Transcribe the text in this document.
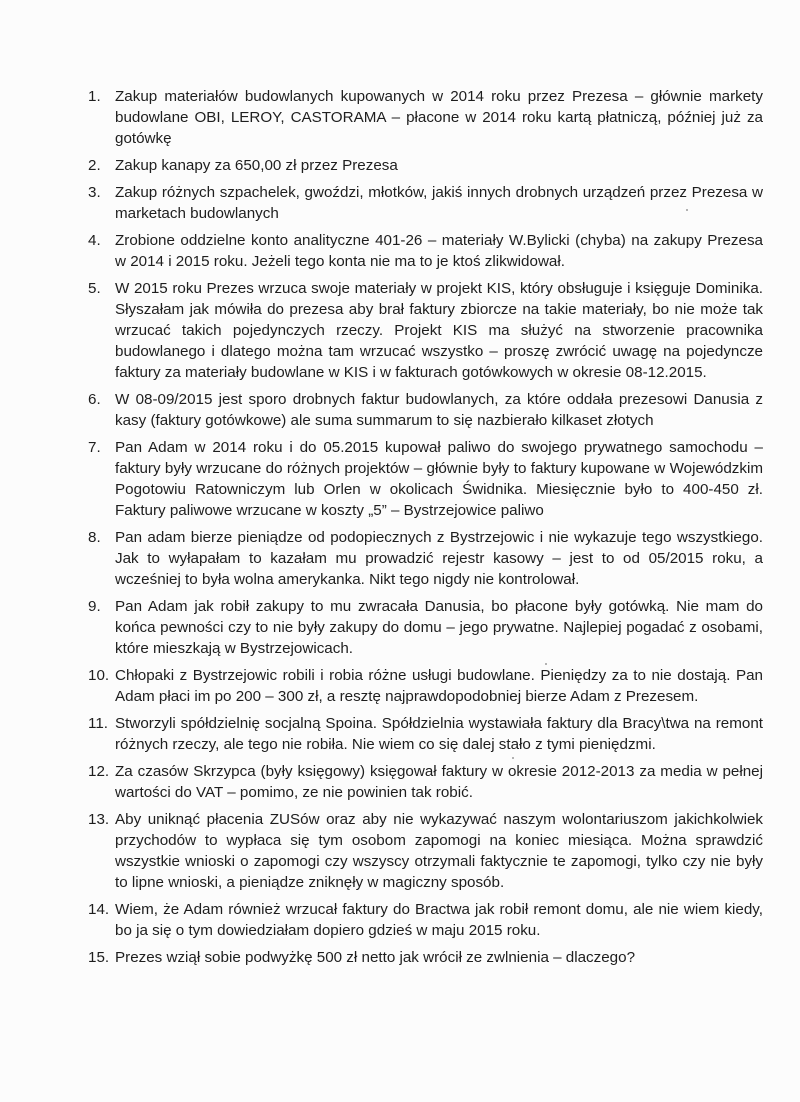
1. Zakup materiałów budowlanych kupowanych w 2014 roku przez Prezesa – głównie markety budowlane OBI, LEROY, CASTORAMA – płacone w 2014 roku kartą płatniczą, później już za gotówkę
2. Zakup kanapy za 650,00 zł przez Prezesa
3. Zakup różnych szpachelek, gwoździ, młotków, jakiś innych drobnych urządzeń przez Prezesa w marketach budowlanych
4. Zrobione oddzielne konto analityczne 401-26 – materiały W.Bylicki (chyba) na zakupy Prezesa w 2014 i 2015 roku. Jeżeli tego konta nie ma to je ktoś zlikwidował.
5. W 2015 roku Prezes wrzuca swoje materiały w projekt KIS, który obsługuje i księguje Dominika. Słyszałam jak mówiła do prezesa aby brał faktury zbiorcze na takie materiały, bo nie może tak wrzucać takich pojedynczych rzeczy. Projekt KIS ma służyć na stworzenie pracownika budowlanego i dlatego można tam wrzucać wszystko – proszę zwrócić uwagę na pojedyncze faktury za materiały budowlane w KIS i w fakturach gotówkowych w okresie 08-12.2015.
6. W 08-09/2015 jest sporo drobnych faktur budowlanych, za które oddała prezesowi Danusia z kasy (faktury gotówkowe) ale suma summarum to się nazbierało kilkaset złotych
7. Pan Adam w 2014 roku i do 05.2015 kupował paliwo do swojego prywatnego samochodu – faktury były wrzucane do różnych projektów – głównie były to faktury kupowane w Wojewódzkim Pogotowiu Ratowniczym lub Orlen w okolicach Świdnika. Miesięcznie było to 400-450 zł. Faktury paliwowe wrzucane w koszty „5” – Bystrzejowice paliwo
8. Pan adam bierze pieniądze od podopiecznych z Bystrzejowic i nie wykazuje tego wszystkiego. Jak to wyłapałam to kazałam mu prowadzić rejestr kasowy – jest to od 05/2015 roku, a wcześniej to była wolna amerykanka. Nikt tego nigdy nie kontrolował.
9. Pan Adam jak robił zakupy to mu zwracała Danusia, bo płacone były gotówką. Nie mam do końca pewności czy to nie były zakupy do domu – jego prywatne. Najlepiej pogadać z osobami, które mieszkają w Bystrzejowicach.
10. Chłopaki z Bystrzejowic robili i robia różne usługi budowlane. Pieniędzy za to nie dostają. Pan Adam płaci im po 200 – 300 zł, a resztę najprawdopodobniej bierze Adam z Prezesem.
11. Stworzyli spółdzielnię socjalną Spoina. Spółdzielnia wystawiała faktury dla Bracy\twa na remont różnych rzeczy, ale tego nie robiła. Nie wiem co się dalej stało z tymi pieniędzmi.
12. Za czasów Skrzypca (były księgowy) księgował faktury w okresie 2012-2013 za media w pełnej wartości do VAT – pomimo, ze nie powinien tak robić.
13. Aby uniknąć płacenia ZUSów oraz aby nie wykazywać naszym wolontariuszom jakichkolwiek przychodów to wypłaca się tym osobom zapomogi na koniec miesiąca. Można sprawdzić wszystkie wnioski o zapomogi czy wszyscy otrzymali faktycznie te zapomogi, tylko czy nie były to lipne wnioski, a pieniądze zniknęły w magiczny sposób.
14. Wiem, że Adam również wrzucał faktury do Bractwa jak robił remont domu, ale nie wiem kiedy, bo ja się o tym dowiedziałam dopiero gdzieś w maju 2015 roku.
15. Prezes wziął sobie podwyżkę 500 zł netto jak wrócił ze zwlnienia – dlaczego?
